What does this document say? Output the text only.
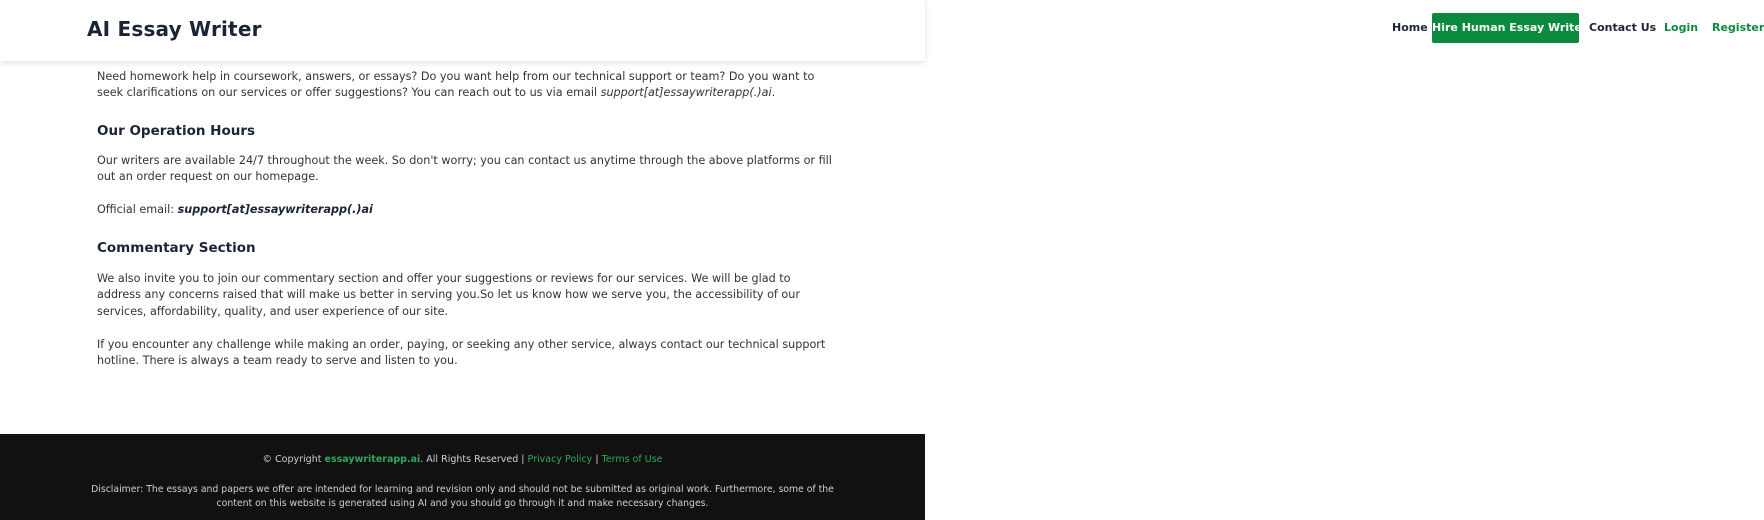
AI Essay Writer	Home Hire Human Essay Writer Contact Us Login Register

Need homework help in coursework, answers, or essays? Do you want help from our technical support or team? Do you want to seek clarifications on our services or offer suggestions? You can reach out to us via email support[at]essaywriterapp(.)ai.

Our Operation Hours

Our writers are available 24/7 throughout the week. So don't worry; you can contact us anytime through the above platforms or fill out an order request on our homepage.

Official email: support[at]essaywriterapp(.)ai

Commentary Section

We also invite you to join our commentary section and offer your suggestions or reviews for our services. We will be glad to address any concerns raised that will make us better in serving you.So let us know how we serve you, the accessibility of our services, affordability, quality, and user experience of our site.

If you encounter any challenge while making an order, paying, or seeking any other service, always contact our technical support hotline. There is always a team ready to serve and listen to you.

© Copyright essaywriterapp.ai. All Rights Reserved | Privacy Policy | Terms of Use

Disclaimer: The essays and papers we offer are intended for learning and revision only and should not be submitted as original work. Furthermore, some of the content on this website is generated using AI and you should go through it and make necessary changes.
